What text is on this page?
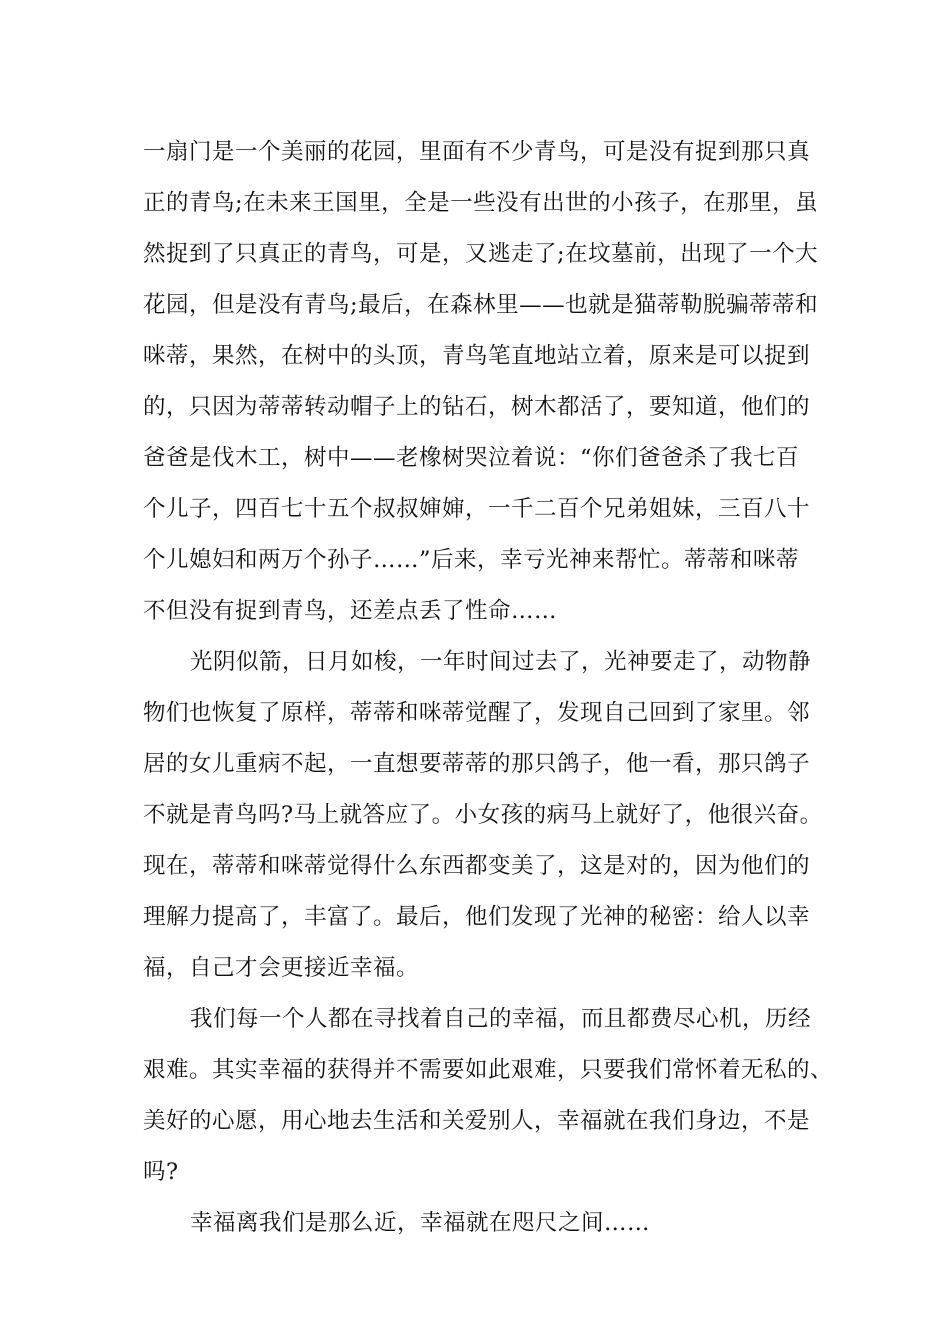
一扇门是一个美丽的花园，里面有不少青鸟，可是没有捉到那只真
正的青鸟;在未来王国里，全是一些没有出世的小孩子，在那里，虽
然捉到了只真正的青鸟，可是，又逃走了;在坟墓前，出现了一个大
花园，但是没有青鸟;最后，在森林里——也就是猫蒂勒脱骗蒂蒂和
咪蒂，果然，在树中的头顶，青鸟笔直地站立着，原来是可以捉到
的，只因为蒂蒂转动帽子上的钻石，树木都活了，要知道，他们的
爸爸是伐木工，树中——老橡树哭泣着说：“你们爸爸杀了我七百
个儿子，四百七十五个叔叔婶婶，一千二百个兄弟姐妹，三百八十
个儿媳妇和两万个孙子……”后来，幸亏光神来帮忙。蒂蒂和咪蒂
不但没有捉到青鸟，还差点丢了性命……

光阴似箭，日月如梭，一年时间过去了，光神要走了，动物静
物们也恢复了原样，蒂蒂和咪蒂觉醒了，发现自己回到了家里。邻
居的女儿重病不起，一直想要蒂蒂的那只鸽子，他一看，那只鸽子
不就是青鸟吗?马上就答应了。小女孩的病马上就好了，他很兴奋。
现在，蒂蒂和咪蒂觉得什么东西都变美了，这是对的，因为他们的
理解力提高了，丰富了。最后，他们发现了光神的秘密：给人以幸
福，自己才会更接近幸福。

我们每一个人都在寻找着自己的幸福，而且都费尽心机，历经
艰难。其实幸福的获得并不需要如此艰难，只要我们常怀着无私的、
美好的心愿，用心地去生活和关爱别人，幸福就在我们身边，不是
吗?

幸福离我们是那么近，幸福就在咫尺之间……
